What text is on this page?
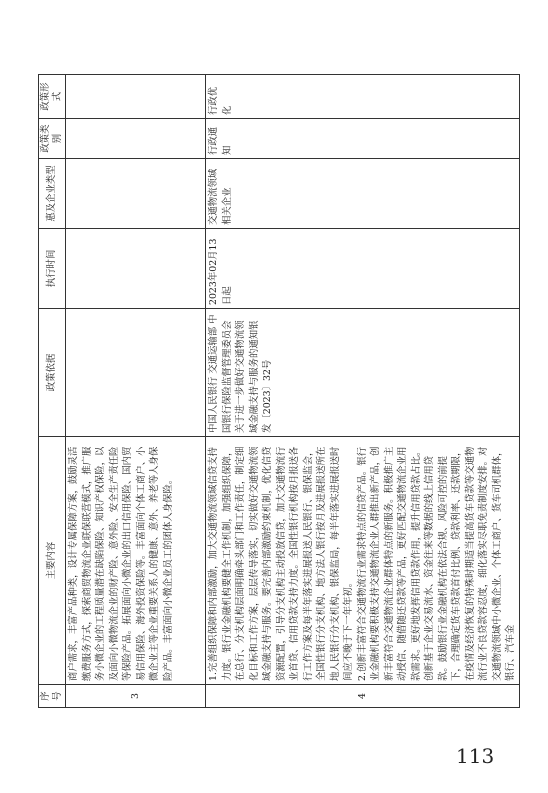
序号	主要内容	政策依据	执行时间	惠及企业类型	政策类别	政策形式
3	商户需求，丰富产品种类，设计专属保障方案，鼓励灵活缴费服务方式，探索商贸物流企业联保联营模式，推广服务小微企业的工程质量潜在缺陷保险、知识产权保险，以及面向小微物流企业的财产险、意外险、安全生产责任险等保险产品。拓展面向小微企业的出口信用保险、国内贸易信用保险、海外投资保险等。丰富面向个体工商户、小微企业主等企业重要关系人的健康、意外、养老等人身保险产品。丰富面向小微企业员工的团体人身保险。					
4	1.完善组织保障和内部激励，加大交通物流领域信贷支持力度。银行业金融机构要健全工作机制，加强组织保障，在总行、分支机构层面明确牵头部门和工作责任，制定细化目标和工作方案，层层传导落实，切实做好交通物流领域金融支持与服务。要完善内部激励约束机制，优化信贷资源配置，引导分支机构主动投放信贷，加大交通物流行业首贷、信用贷款支持力度。全国性银行机构按月报送各行工作方案及每半年落实进展报送人民银行、银保监会，全国性银行分支机构、地方法人银行按月及进展报送所在地人民银行分支机构、银保监局，每半年落实进展报送时间应不晚于下一年年初。 2.创新丰富符合交通物流行业需求特点的信贷产品。银行业金融机构要积极支持交通物流企业人群推出新产品，创新丰富符合交通物流企业群体特点的新服务。积极推广主动授信、随借随还贷款等产品，更好匹配交通物流企业用款需求。更好地发挥信用贷款作用，提升信用贷款占比。创新基于企业交易流水、资金往来等数据的线上信用贷款。鼓励银行业金融机构在依法合规、风险可控的前提下，合理确定货车贷款首付比例、贷款利率、还款期限，在疫情及经济恢复的特殊时期适当提高货车贷款等交通物流行业不良贷款容忍度，细化落实尽职免责制度安排。对交通物流领域中小微企业、个体工商户、货车司机群体，银行、汽车金	中国人民银行 交通运输部 中国银行保险监督管理委员会关于进一步做好交通物流领域金融支持与服务的通知银发〔2023〕32号	2023年02月13日起	交通物流领域相关企业	行政通知	行政优化
113
